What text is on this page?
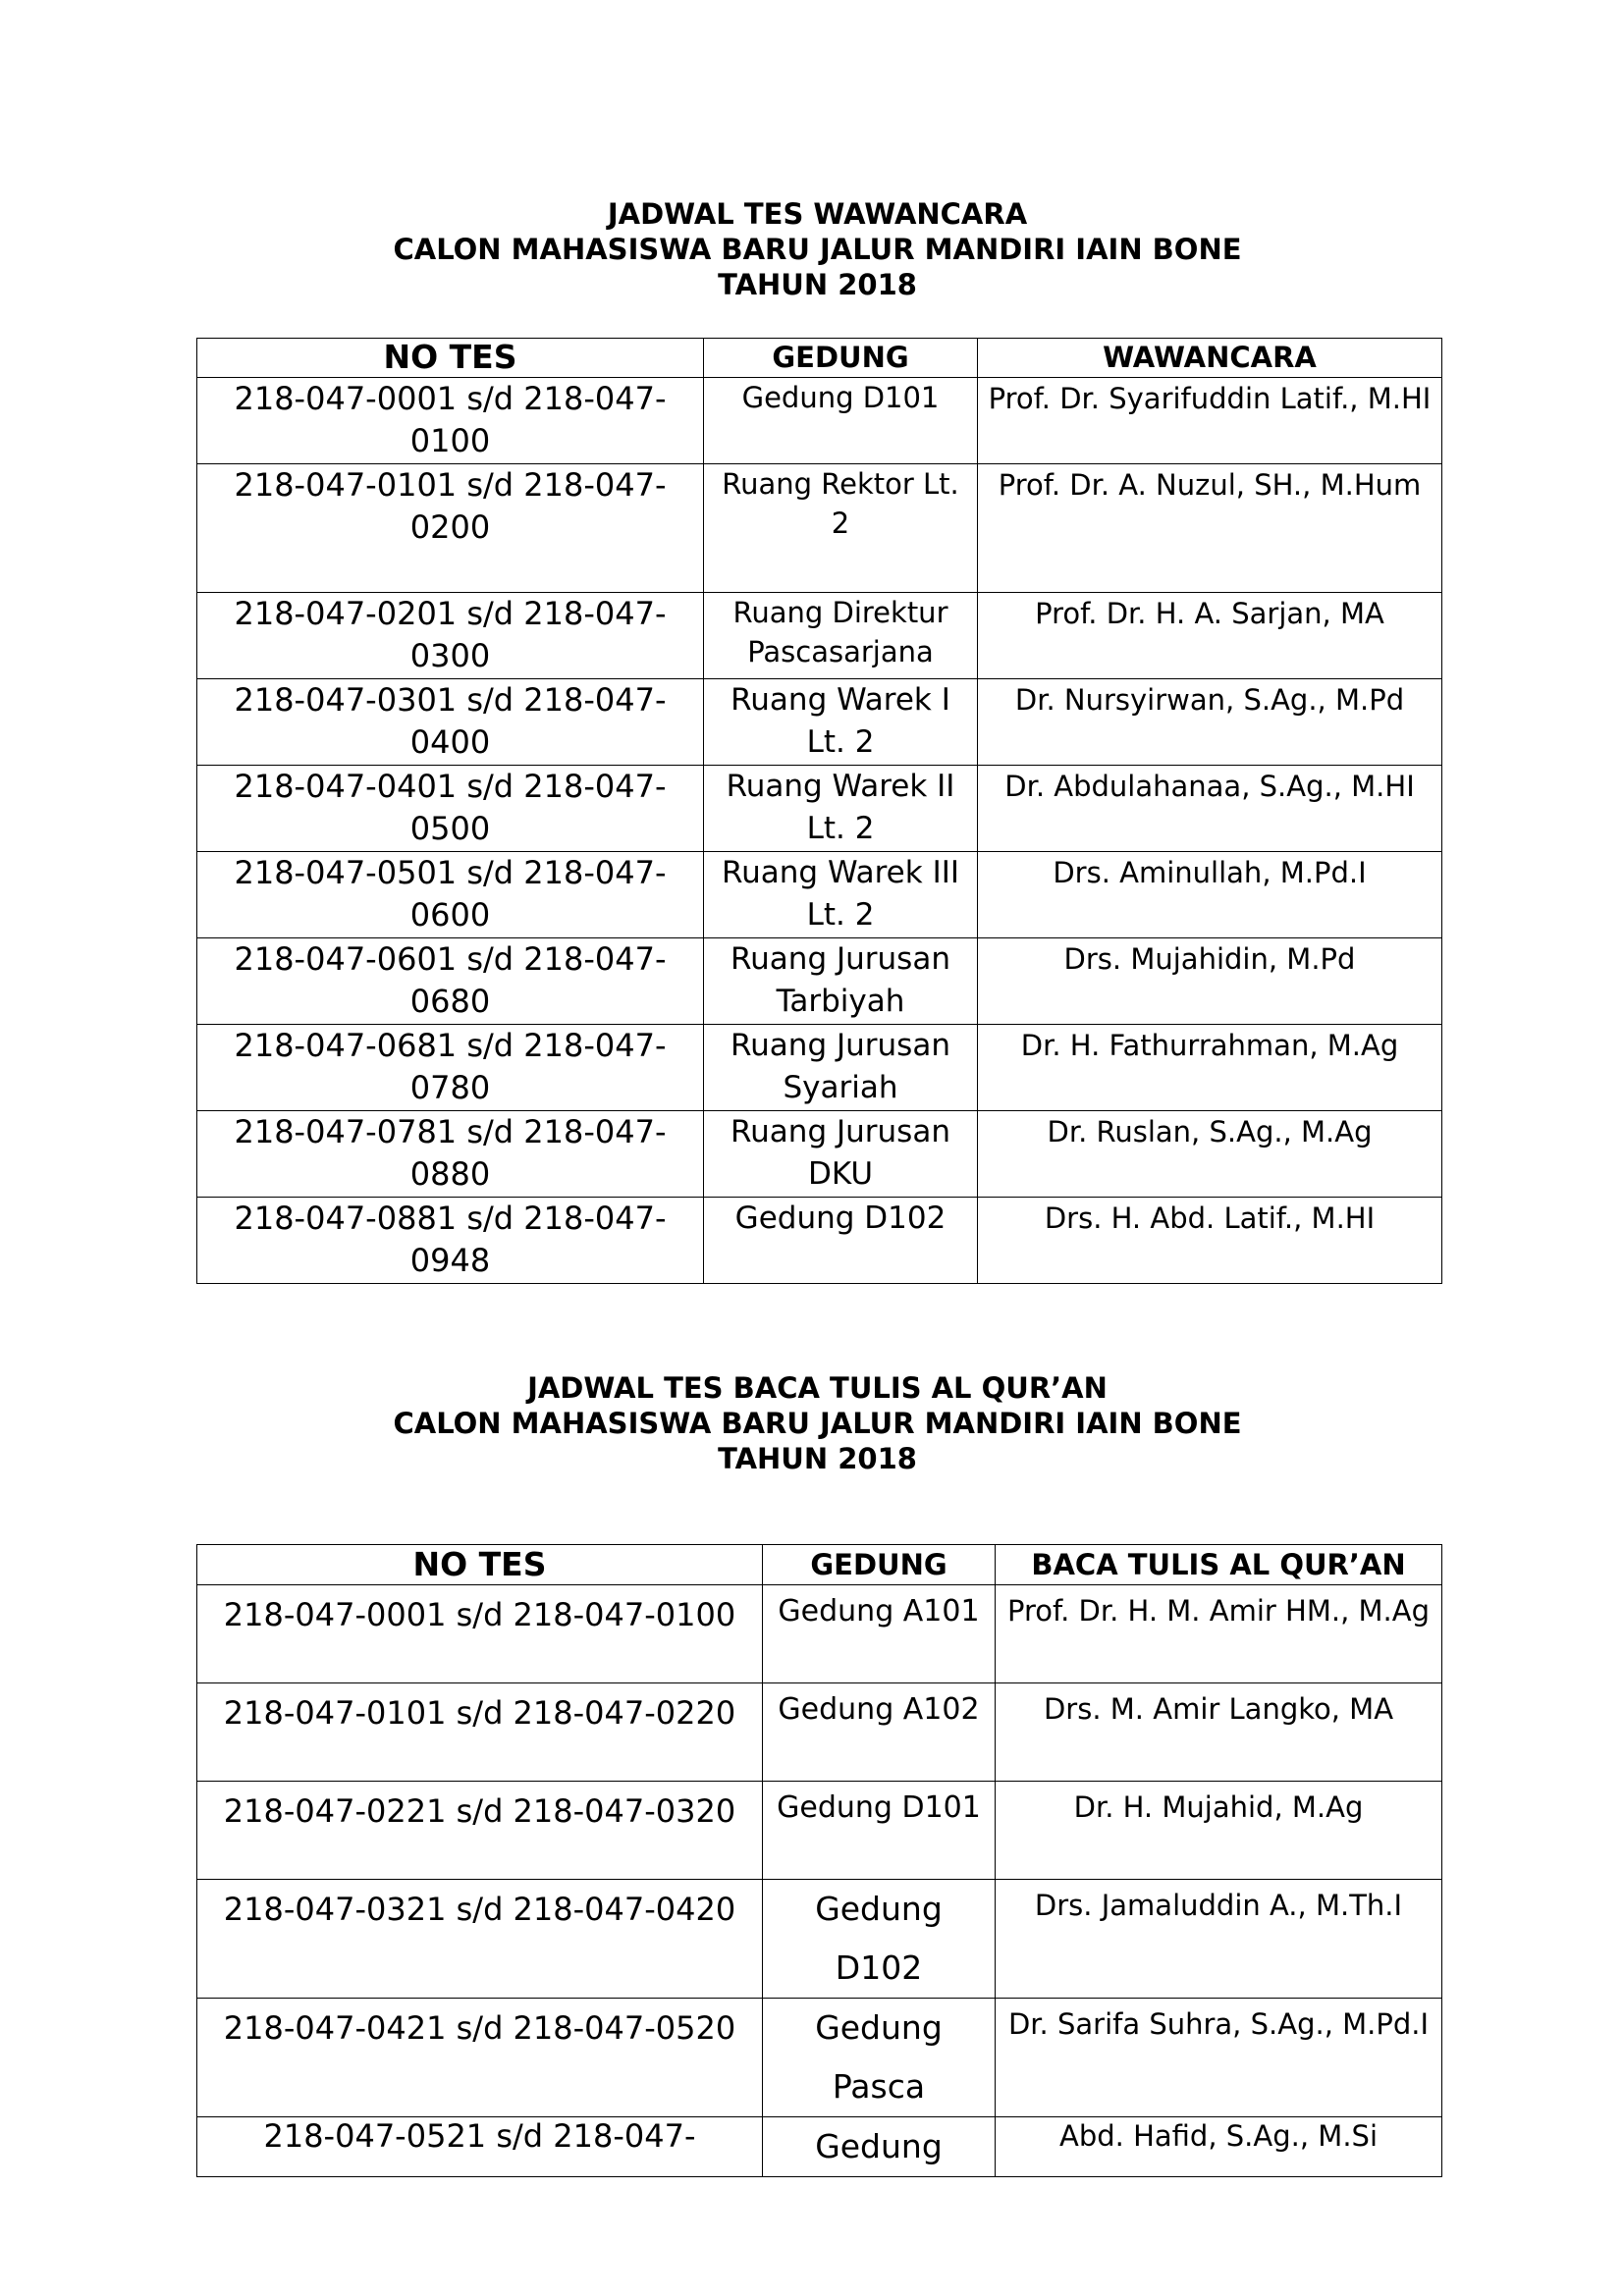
JADWAL TES WAWANCARA
CALON MAHASISWA BARU JALUR MANDIRI IAIN BONE
TAHUN 2018
NO TES	GEDUNG	WAWANCARA
218-047-0001 s/d 218-047-0100	Gedung D101	Prof. Dr. Syarifuddin Latif., M.HI
218-047-0101 s/d 218-047-0200	Ruang Rektor Lt. 2	Prof. Dr. A. Nuzul, SH., M.Hum
218-047-0201 s/d 218-047-0300	Ruang Direktur Pascasarjana	Prof. Dr. H. A. Sarjan, MA
218-047-0301 s/d 218-047-0400	Ruang Warek I Lt. 2	Dr. Nursyirwan, S.Ag., M.Pd
218-047-0401 s/d 218-047-0500	Ruang Warek II Lt. 2	Dr. Abdulahanaa, S.Ag., M.HI
218-047-0501 s/d 218-047-0600	Ruang Warek III Lt. 2	Drs. Aminullah, M.Pd.I
218-047-0601 s/d 218-047-0680	Ruang Jurusan Tarbiyah	Drs. Mujahidin, M.Pd
218-047-0681 s/d 218-047-0780	Ruang Jurusan Syariah	Dr. H. Fathurrahman, M.Ag
218-047-0781 s/d 218-047-0880	Ruang Jurusan DKU	Dr. Ruslan, S.Ag., M.Ag
218-047-0881 s/d 218-047-0948	Gedung D102	Drs. H. Abd. Latif., M.HI
JADWAL TES BACA TULIS AL QUR’AN
CALON MAHASISWA BARU JALUR MANDIRI IAIN BONE
TAHUN 2018
NO TES	GEDUNG	BACA TULIS AL QUR’AN
218-047-0001 s/d 218-047-0100	Gedung A101	Prof. Dr. H. M. Amir HM., M.Ag
218-047-0101 s/d 218-047-0220	Gedung A102	Drs. M. Amir Langko, MA
218-047-0221 s/d 218-047-0320	Gedung D101	Dr. H. Mujahid, M.Ag
218-047-0321 s/d 218-047-0420	Gedung D102	Drs. Jamaluddin A., M.Th.I
218-047-0421 s/d 218-047-0520	Gedung Pasca	Dr. Sarifa Suhra, S.Ag., M.Pd.I
218-047-0521 s/d 218-047-	Gedung	Abd. Hafid, S.Ag., M.Si
